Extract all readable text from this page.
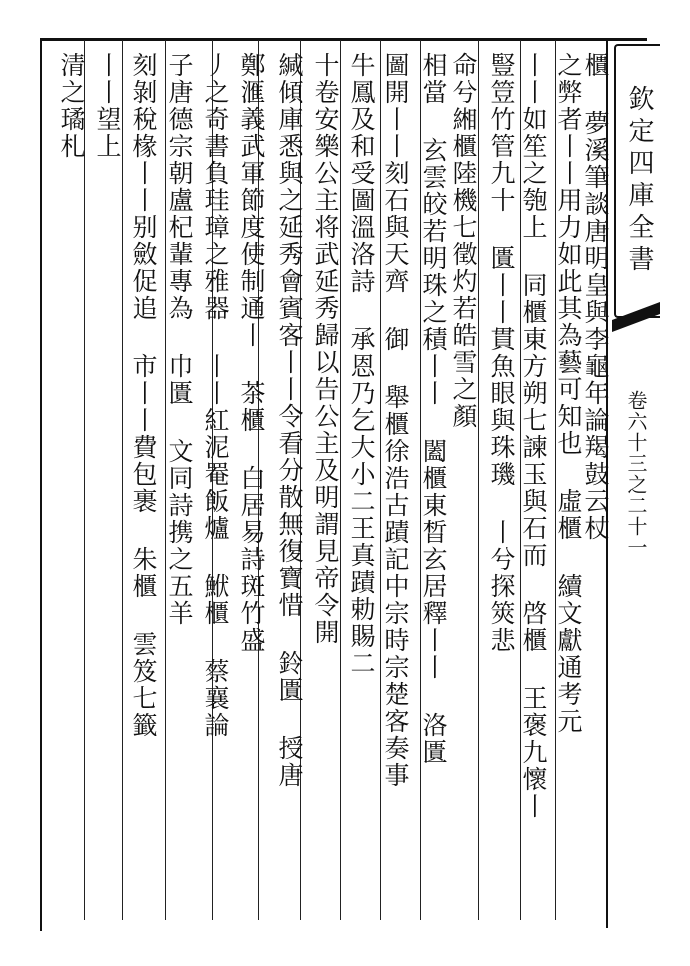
欽定四庫全書
卷六十三之二十一
櫃 夢溪筆談唐明皇與李龜年論羯鼓云杖
之弊者丨丨用力如此其為藝可知也 虛櫃 續文獻通考元
丨丨如笙之匏上 同櫃東方朔七諫玉與石而 啓櫃 王褒九懷丨
豎䇺竹管九十 匱丨丨貫魚眼與珠璣 丨兮探筴悲
命兮緗櫃陸機七徵灼若皓雪之顏
相當 玄雲皎若明珠之積丨丨 闔櫃東晳玄居釋丨丨 洛匱
圖開丨丨刻石與天齊 御 舉櫃徐浩古蹟記中宗時宗楚客奏事
牛鳳及和受圖溫洛詩 承恩乃乞大小二王真蹟勅賜二
十卷安樂公主将武延秀歸以告公主及明謂見帝令開
緘傾庫悉與之延秀會賓客丨丨令看分散無復寶惜 鈴匱 授唐
鄭滙義武軍節度使制通丨 茶櫃 白居易詩斑竹盛
丿之奇書負珪璋之雅器 丨丨紅泥罨飯爐 鮲櫃 蔡襄論
子唐德宗朝盧杞輩專為 巾匱 文同詩携之五羊
刻剝稅椽丨丨别斂促追 市丨丨費包裹 朱櫃 雲笈七籤
丨丨望上
清之璚札
